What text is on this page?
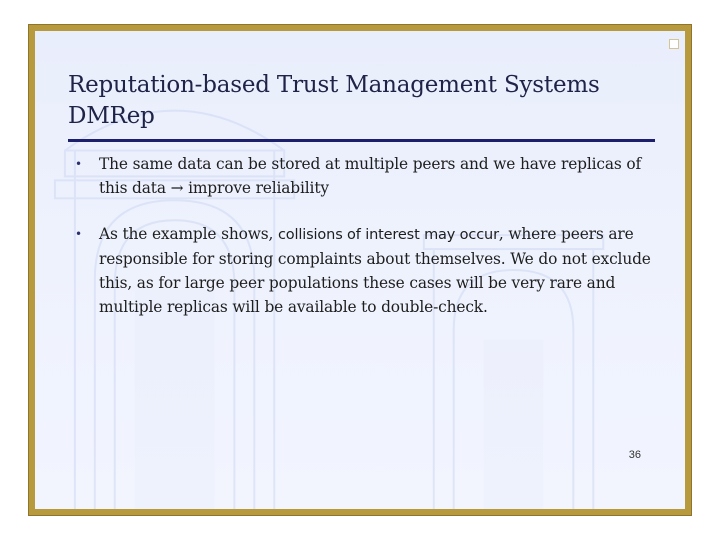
Reputation-based Trust Management Systems
DMRep
• The same data can be stored at multiple peers and we have replicas of this data → improve reliability
• As the example shows, collisions of interest may occur, where peers are responsible for storing complaints about themselves. We do not exclude this, as for large peer populations these cases will be very rare and multiple replicas will be available to double-check.
36
